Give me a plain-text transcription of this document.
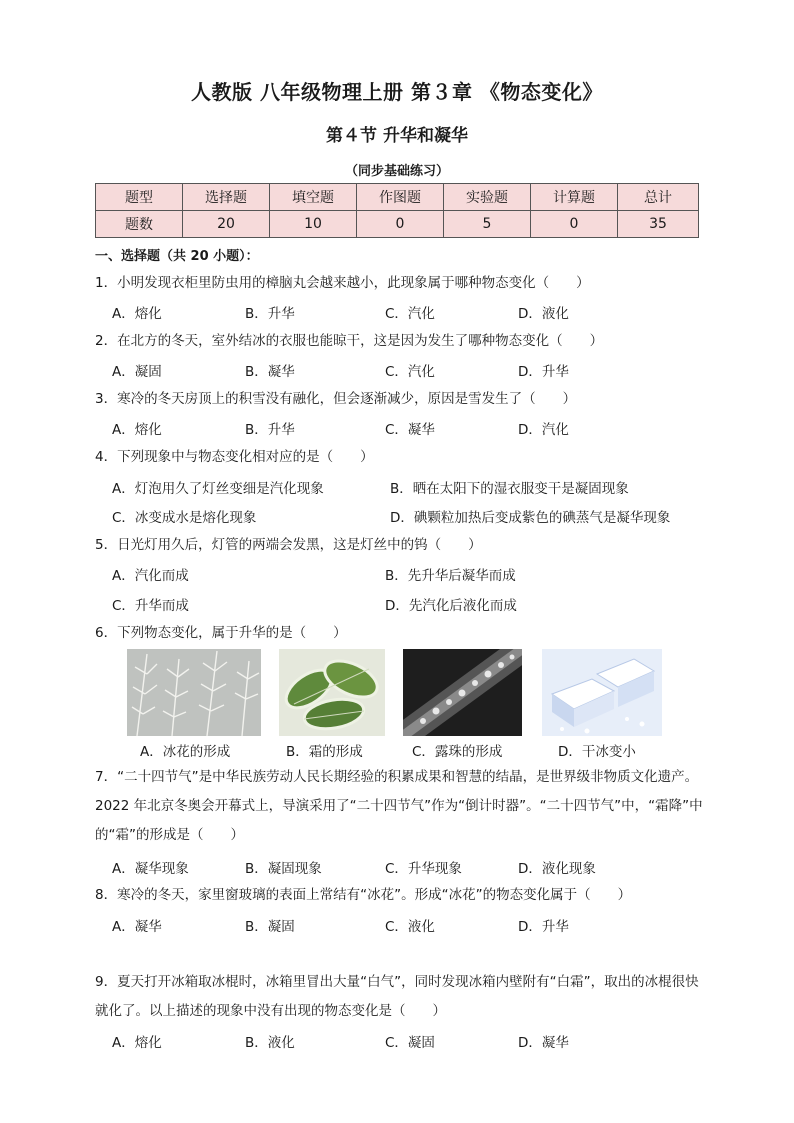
人教版 八年级物理上册 第３章 《物态变化》
第４节 升华和凝华
（同步基础练习）
题型	选择题	填空题	作图题	实验题	计算题	总计
题数	20	10	0	5	0	35
一、选择题（共 20 小题）：
1．小明发现衣柜里防虫用的樟脑丸会越来越小，此现象属于哪种物态变化（　　）
A．熔化	B．升华	C．汽化	D．液化
2．在北方的冬天，室外结冰的衣服也能晾干，这是因为发生了哪种物态变化（　　）
A．凝固	B．凝华	C．汽化	D．升华
3．寒冷的冬天房顶上的积雪没有融化，但会逐渐减少，原因是雪发生了（　　）
A．熔化	B．升华	C．凝华	D．汽化
4．下列现象中与物态变化相对应的是（　　）
A．灯泡用久了灯丝变细是汽化现象	B．晒在太阳下的湿衣服变干是凝固现象
C．冰变成水是熔化现象	D．碘颗粒加热后变成紫色的碘蒸气是凝华现象
5．日光灯用久后，灯管的两端会发黑，这是灯丝中的钨（　　）
A．汽化而成	B．先升华后凝华而成
C．升华而成	D．先汽化后液化而成
6．下列物态变化，属于升华的是（　　）
A．冰花的形成	B．霜的形成	C．露珠的形成	D．干冰变小
7．“二十四节气”是中华民族劳动人民长期经验的积累成果和智慧的结晶，是世界级非物质文化遗产。2022 年北京冬奥会开幕式上，导演采用了“二十四节气”作为“倒计时器”。“二十四节气”中，“霜降”中的“霜”的形成是（　　）
A．凝华现象	B．凝固现象	C．升华现象	D．液化现象
8．寒冷的冬天，家里窗玻璃的表面上常结有“冰花”。形成“冰花”的物态变化属于（　　）
A．凝华	B．凝固	C．液化	D．升华
9．夏天打开冰箱取冰棍时，冰箱里冒出大量“白气”，同时发现冰箱内壁附有“白霜”，取出的冰棍很快就化了。以上描述的现象中没有出现的物态变化是（　　）
A．熔化	B．液化	C．凝固	D．凝华
